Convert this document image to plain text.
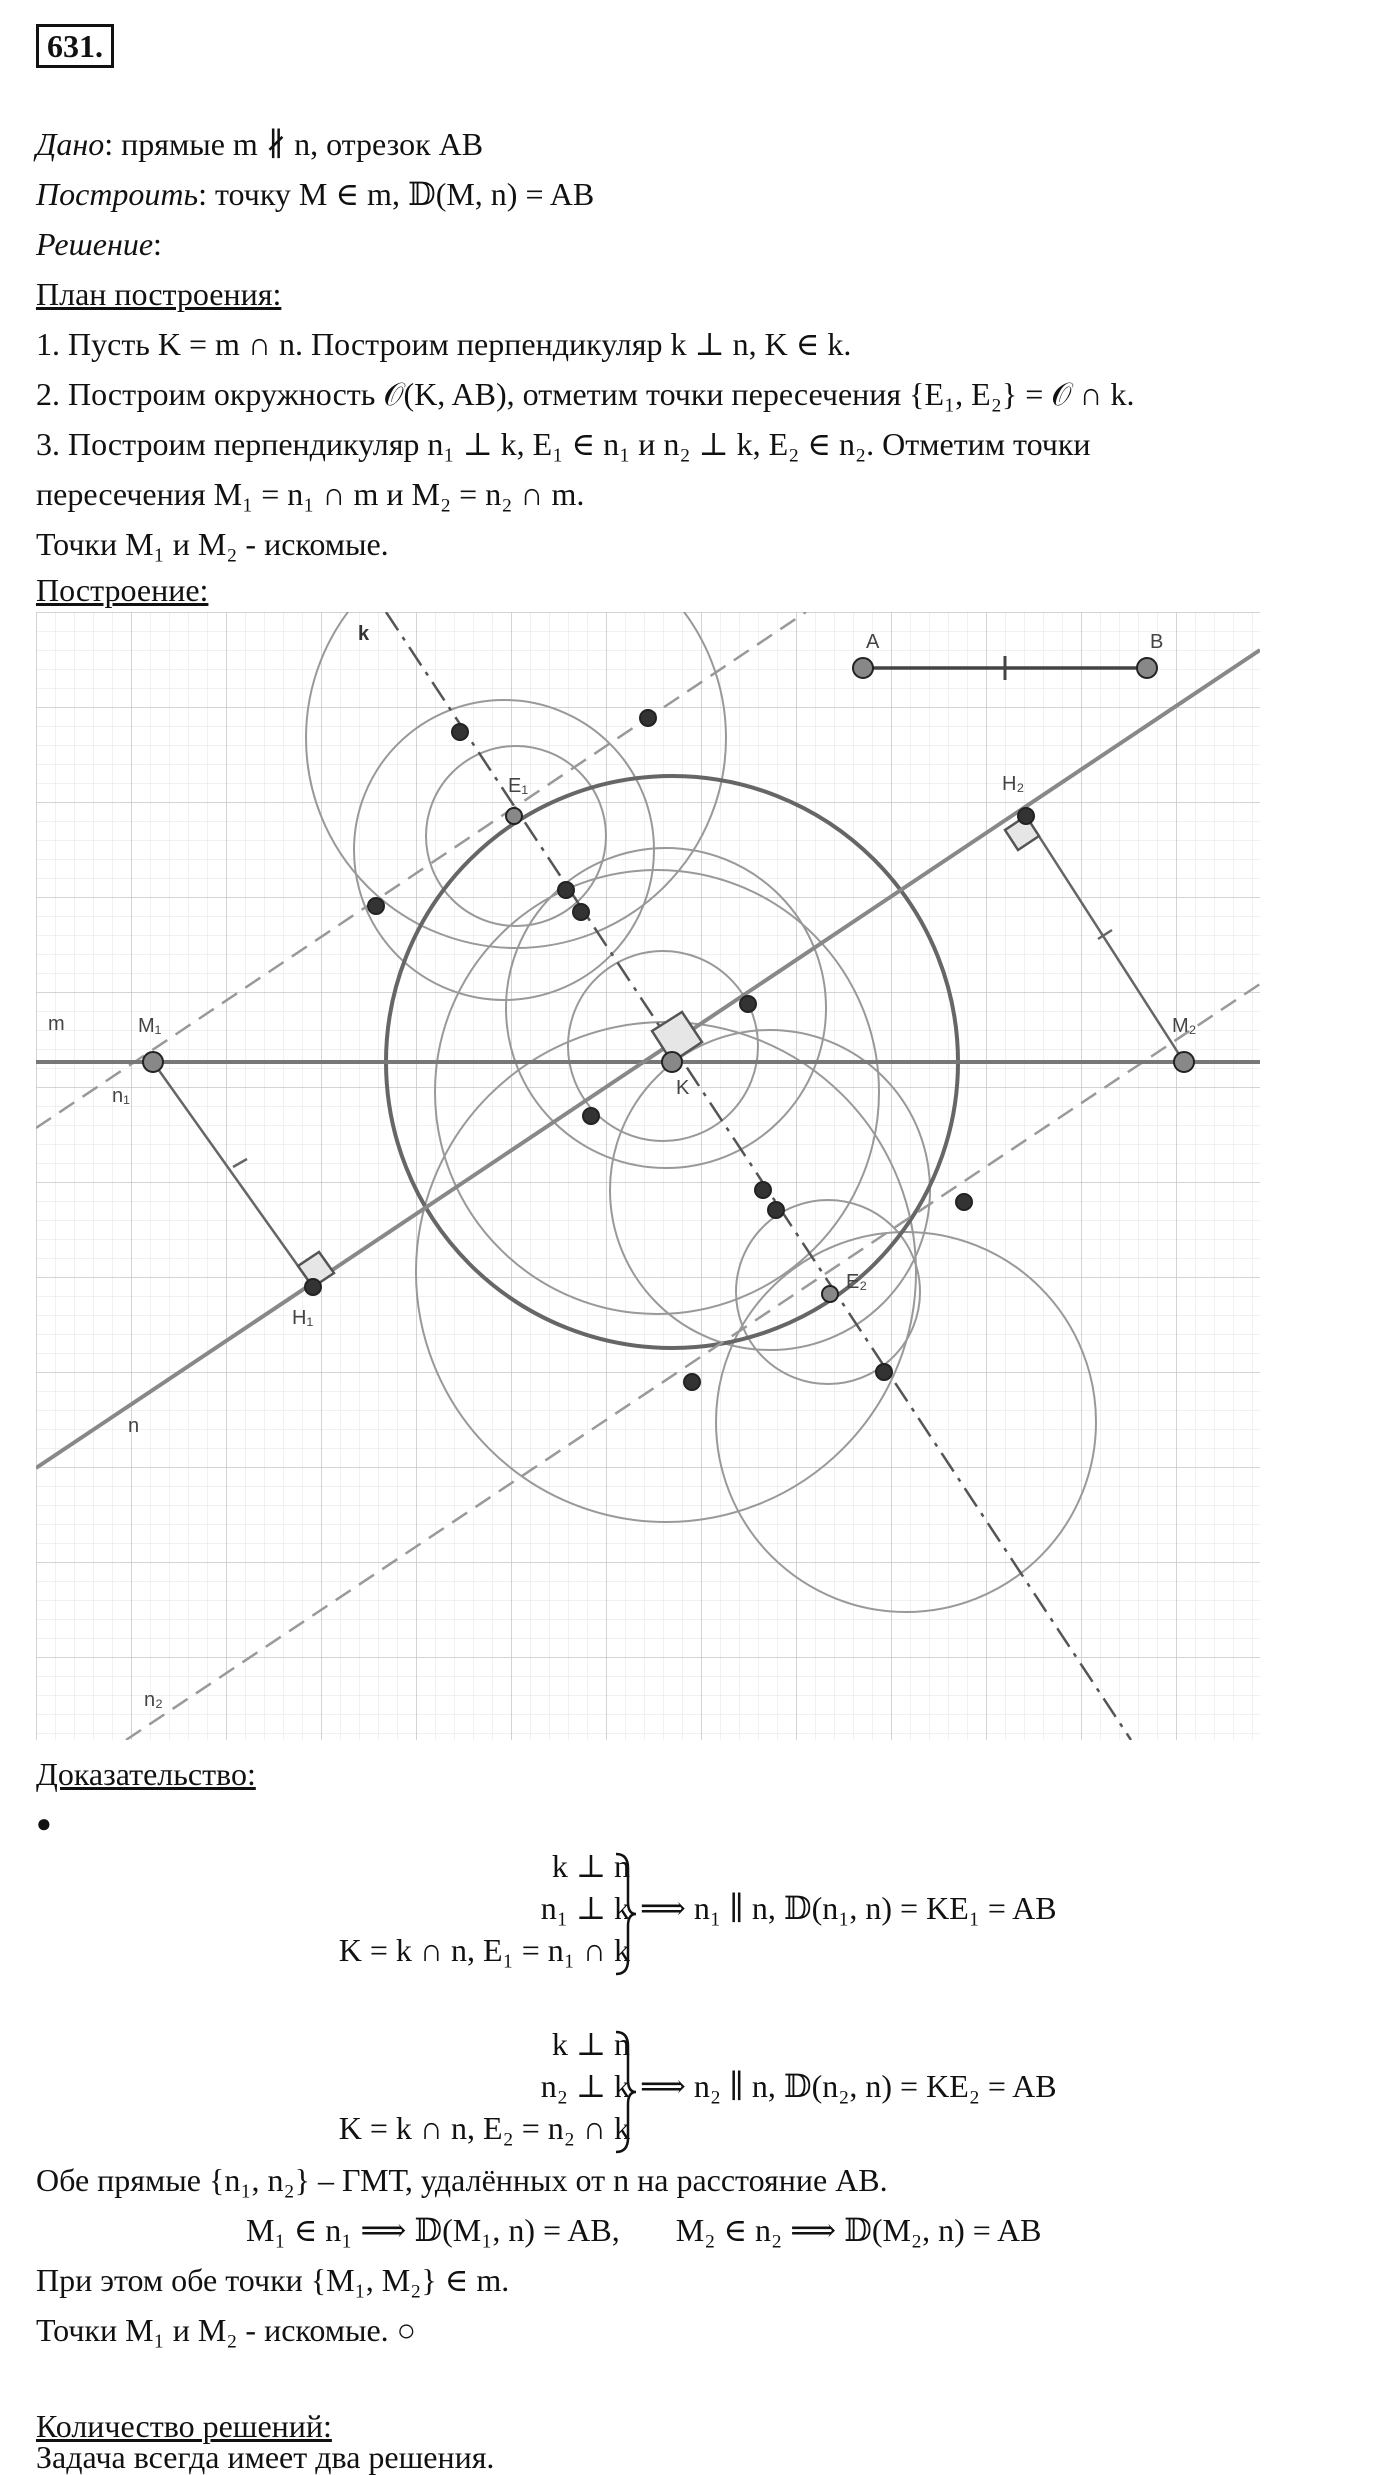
631.
Дано: прямые m ∦ n, отрезок AB
Построить: точку M ∈ m, 𝔻(M, n) = AB
Решение:
План построения:
1. Пусть K = m ∩ n. Построим перпендикуляр k ⊥ n, K ∈ k.
2. Построим окружность 𝒪(K, AB), отметим точки пересечения {E₁, E₂} = 𝒪 ∩ k.
3. Построим перпендикуляр n₁ ⊥ k, E₁ ∈ n₁ и n₂ ⊥ k, E₂ ∈ n₂. Отметим точки
пересечения M₁ = n₁ ∩ m и M₂ = n₂ ∩ m.
Точки M₁ и M₂ - искомые.
Построение:
k	A	B
E₁	H₂
m	M₁	M₂
n₁	K
E₂
H₁
n
n₂
Доказательство:
●
k ⊥ n
n₁ ⊥ k
K = k ∩ n, E₁ = n₁ ∩ k
⟹ n₁ ∥ n, 𝔻(n₁, n) = KE₁ = AB
k ⊥ n
n₂ ⊥ k
K = k ∩ n, E₂ = n₂ ∩ k
⟹ n₂ ∥ n, 𝔻(n₂, n) = KE₂ = AB
Обе прямые {n₁, n₂} – ГМТ, удалённых от n на расстояние AB.
M₁ ∈ n₁ ⟹ 𝔻(M₁, n) = AB,       M₂ ∈ n₂ ⟹ 𝔻(M₂, n) = AB
При этом обе точки {M₁, M₂} ∈ m.
Точки M₁ и M₂ - искомые. ○
Количество решений:
Задача всегда имеет два решения.
